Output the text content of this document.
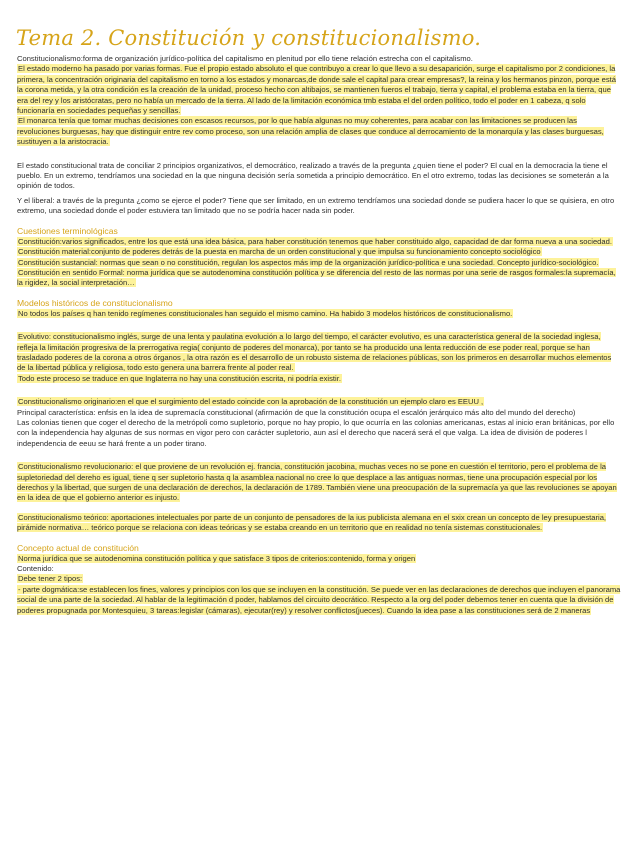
Tema 2. Constitución y constitucionalismo.

Constitucionalismo:forma de organización jurídico-política del capitalismo en plenitud por ello tiene relación estrecha con el capitalismo.

El estado moderno ha pasado por varias formas. Fue el propio estado absoluto el que contribuyo a crear lo que llevo a su desaparición, surge el capitalismo por 2 condiciones, la primera, la concentración originaria del capitalismo en torno a los estados y monarcas,de donde sale el capital para crear empresas?, la reina y los hermanos pinzon, porque está la corona metida, y la otra condición es la creación de la unidad, proceso hecho con altibajos, se mantienen fueros el trabajo, tierra y capital, el problema estaba en la tierra, que era del rey y los aristócratas, pero no había un mercado de la tierra. Al lado de la limitación económica tmb estaba el del orden político, todo el poder en 1 cabeza, q solo funcionaría en sociedades pequeñas y sencillas.

El monarca tenía que tomar muchas decisiones con escasos recursos, por lo que había algunas no muy coherentes, para acabar con las limitaciones se producen las revoluciones burguesas, hay que distinguir entre rev como proceso, son una relación amplia de clases que conduce al derrocamiento de la monarquía y las clases burguesas, sustituyen a la aristocracia.

El estado constitucional trata de conciliar 2 principios organizativos, el democrático, realizado a través de la pregunta ¿quien tiene el poder? El cual en la democracia la tiene el pueblo. En un extremo, tendríamos una sociedad en la que ninguna decisión sería sometida a principio democrático. En el otro extremo, todas las decisiones se someterán a la opinión de todos.

Y el liberal: a través de la pregunta ¿como se ejerce el poder? Tiene que ser limitado, en un extremo tendríamos una sociedad donde se pudiera hacer lo que se quisiera, en otro extremo, una sociedad donde el poder estuviera tan limitado que no se podría hacer nada sin poder.

Cuestiones terminológicas

Constitución:varios significados, entre los que está una idea básica, para haber constitución tenemos que haber constituido algo, capacidad de dar forma nueva a una sociedad.

Constitución material:conjunto de poderes detrás de la puesta en marcha de un orden constitucional y que impulsa su funcionamiento concepto sociológico

Constitución sustancial: normas que sean o no constitución, regulan los aspectos más imp de la organización jurídico-política e una sociedad. Concepto jurídico-sociológico.

Constitución en sentido Formal: norma jurídica que se autodenomina constitución política y se diferencia del resto de las normas por una serie de rasgos formales:la supremacía, la rigidez, la social interpretación…

Modelos históricos de constitucionalismo

No todos los países q han tenido regímenes constitucionales han seguido el mismo camino. Ha habido 3 modelos históricos de constitucionalismo.

Evolutivo: constitucionalismo inglés, surge de una lenta y paulatina evolución a lo largo del tiempo, el carácter evolutivo, es una característica general de la sociedad inglesa, refleja la limitación progresiva de la prerrogativa regia( conjunto de poderes del monarca), por tanto se ha producido una lenta reducción de ese poder real, porque se han trasladado poderes de la corona a otros órganos , la otra razón es el desarrollo de un robusto sistema de relaciones públicas, son los primeros en desarrollar muchos elementos de la libertad pública y religiosa, todo esto genera una barrera frente al poder real.

Todo este proceso se traduce en que Inglaterra no hay una constitución escrita, ni podría existir.

Constitucionalismo originario:en el que el surgimiento del estado coincide con la aprobación de la constitución un ejemplo claro es EEUU ,

Principal característica: enfsis en la idea de supremacía constitucional (afirmación de que la constitución ocupa el escalón jerárquico más alto del mundo del derecho)

Las colonias tienen que coger el derecho de la metrópoli como supletorio, porque no hay propio, lo que ocurría en las colonias americanas, estas al inicio eran británicas, por ello con la independencia hay algunas de sus normas en vigor pero con carácter supletorio, aun así el derecho que nacerá será el que valga. La idea de división de poderes l independencia de eeuu se hará frente a un poder tirano.

Constitucionalismo revolucionario: el que proviene de un revolución ej. francia, constitución jacobina, muchas veces no se pone en cuestión el territorio, pero el problema de la supletoriedad del dereho es igual, tiene q ser supletorio hasta q la asamblea nacional no cree lo que desplace a las antiguas normas, tiene una procupación especial por los derechos y la libertad, que surgen de una declaración de derechos, la declaración de 1789. También viene una preocupación de la supremacía ya que las revoluciones se apoyan en la idea de que el gobierno anterior es injusto.

Constitucionalismo teórico: aportaciones intelectuales por parte de un conjunto de pensadores de la ius publicista alemana en el sxix crean un concepto de ley presupuestaria, pirámide normativa… teórico porque se relaciona con ideas teóricas y se estaba creando en un territorio que en realidad no tenía sistemas constitucionales.

Concepto actual de constitución

Norma jurídica que se autodenomina constitución política y que satisface 3 tipos de criterios:contenido, forma y origen

Contenido:

Debe tener 2 tipos:

- parte dogmática:se establecen los fines, valores y principios con los que se incluyen en la constitución. Se puede ver en las declaraciones de derechos que incluyen el panorama social de una parte de la sociedad. Al hablar de la legitimación d poder, hablamos del circuito deocrático. Respecto a la org del poder debemos tener en cuenta que la división de poderes propugnada por Montesquieu, 3 tareas:legislar (cámaras), ejecutar(rey) y resolver conflictos(jueces). Cuando la idea pase a las constituciones será de 2 maneras
